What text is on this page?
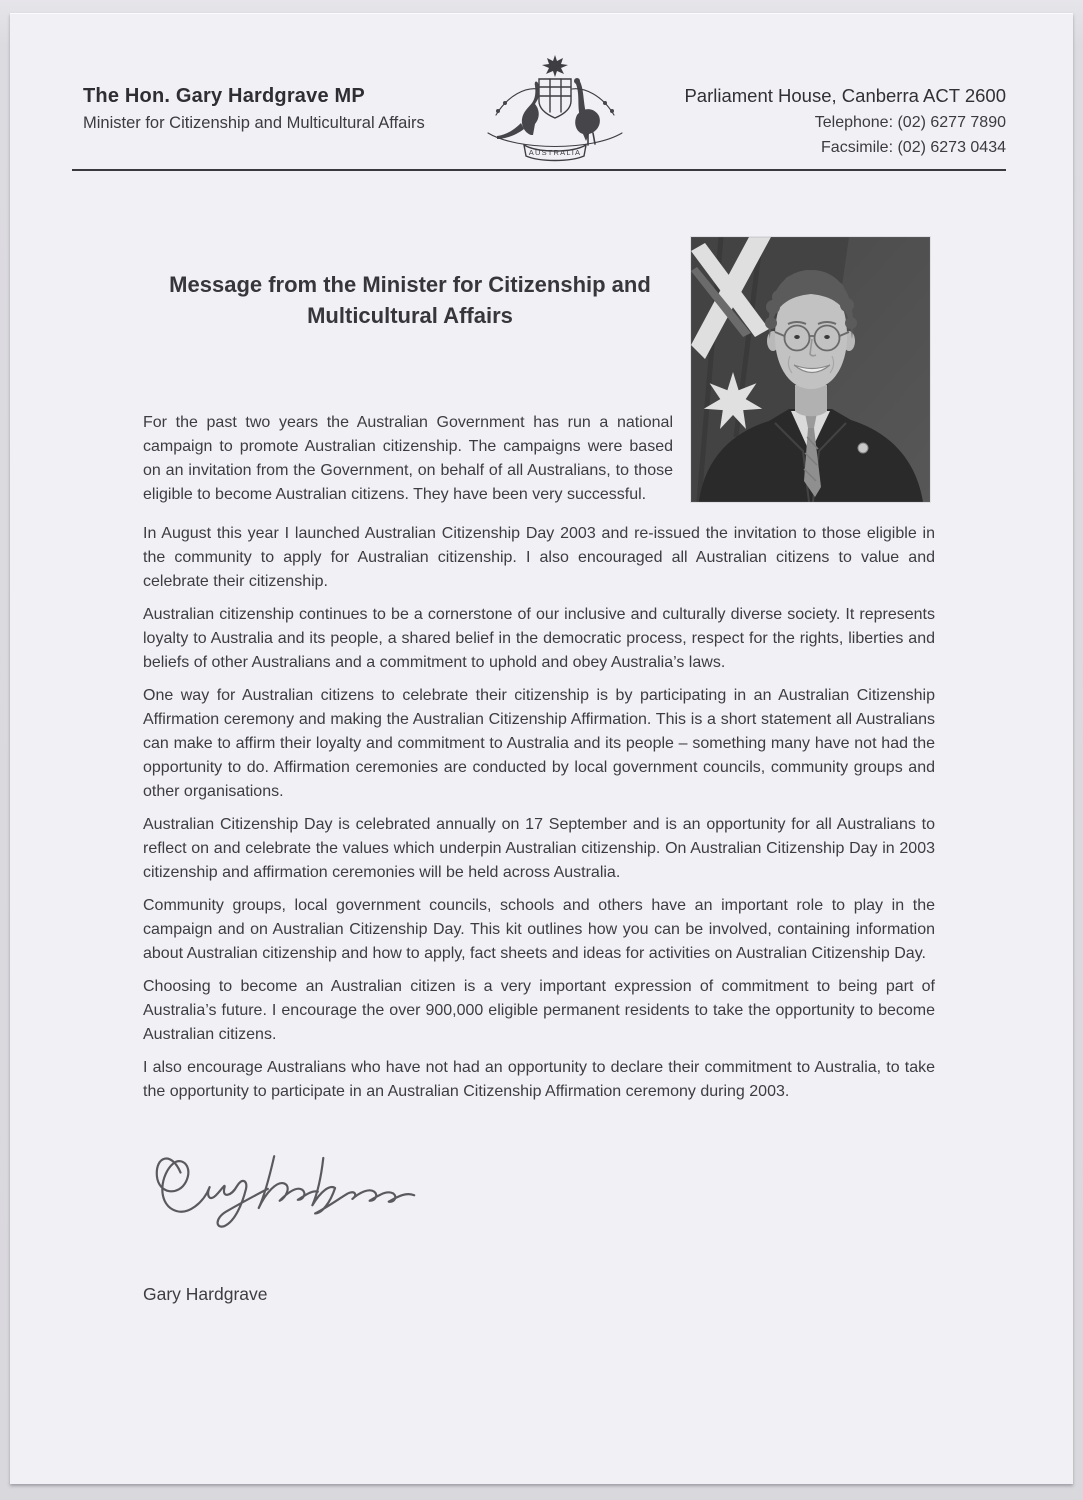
The Hon. Gary Hardgrave MP
Minister for Citizenship and Multicultural Affairs
AUSTRALIA
Parliament House, Canberra ACT 2600
Telephone: (02) 6277 7890
Facsimile: (02) 6273 0434
Message from the Minister for Citizenship and Multicultural Affairs

For the past two years the Australian Government has run a national campaign to promote Australian citizenship. The campaigns were based on an invitation from the Government, on behalf of all Australians, to those eligible to become Australian citizens. They have been very successful.

In August this year I launched Australian Citizenship Day 2003 and re-issued the invitation to those eligible in the community to apply for Australian citizenship. I also encouraged all Australian citizens to value and celebrate their citizenship.

Australian citizenship continues to be a cornerstone of our inclusive and culturally diverse society. It represents loyalty to Australia and its people, a shared belief in the democratic process, respect for the rights, liberties and beliefs of other Australians and a commitment to uphold and obey Australia’s laws.

One way for Australian citizens to celebrate their citizenship is by participating in an Australian Citizenship Affirmation ceremony and making the Australian Citizenship Affirmation. This is a short statement all Australians can make to affirm their loyalty and commitment to Australia and its people – something many have not had the opportunity to do. Affirmation ceremonies are conducted by local government councils, community groups and other organisations.

Australian Citizenship Day is celebrated annually on 17 September and is an opportunity for all Australians to reflect on and celebrate the values which underpin Australian citizenship. On Australian Citizenship Day in 2003 citizenship and affirmation ceremonies will be held across Australia.

Community groups, local government councils, schools and others have an important role to play in the campaign and on Australian Citizenship Day. This kit outlines how you can be involved, containing information about Australian citizenship and how to apply, fact sheets and ideas for activities on Australian Citizenship Day.

Choosing to become an Australian citizen is a very important expression of commitment to being part of Australia’s future. I encourage the over 900,000 eligible permanent residents to take the opportunity to become Australian citizens.

I also encourage Australians who have not had an opportunity to declare their commitment to Australia, to take the opportunity to participate in an Australian Citizenship Affirmation ceremony during 2003.

Gary Hardgrave
